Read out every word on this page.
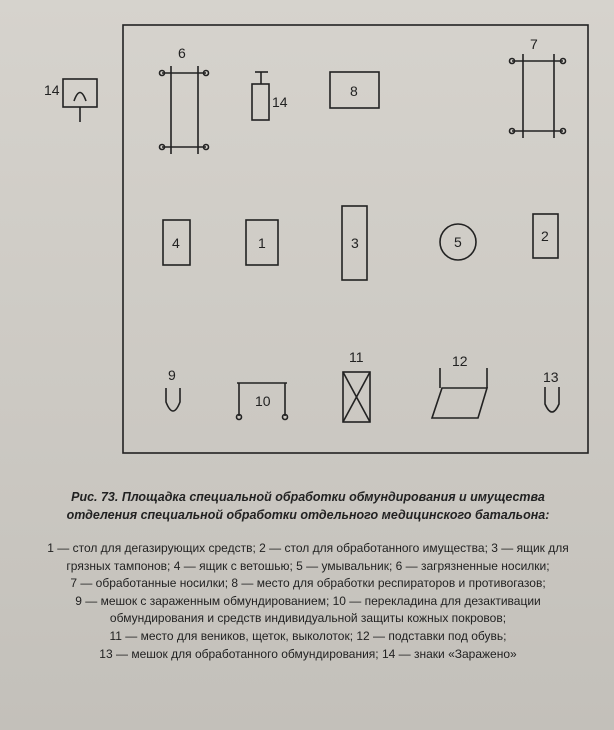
14
6
14
8
7
4	1	3	5	2
9
10
11	12
13
Рис. 73. Площадка специальной обработки обмундирования и имущества
отделения специальной обработки отдельного медицинского батальона:
1 — стол для дегазирующих средств; 2 — стол для обработанного имущества; 3 — ящик для
грязных тампонов; 4 — ящик с ветошью; 5 — умывальник; 6 — загрязненные носилки;
7 — обработанные носилки; 8 — место для обработки респираторов и противогазов;
9 — мешок с зараженным обмундированием; 10 — перекладина для дезактивации
обмундирования и средств индивидуальной защиты кожных покровов;
11 — место для веников, щеток, выколоток; 12 — подставки под обувь;
13 — мешок для обработанного обмундирования; 14 — знаки «Заражено»
